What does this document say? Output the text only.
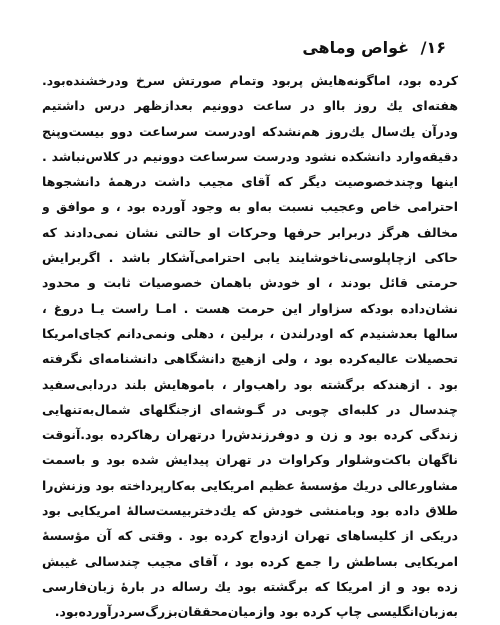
۱۶/ غواص وماهی
کرده بود، اماگونه‌هایش پربود وتمام صورتش سرخ ودرخشنده‌بود.
هفته‌ای یك روز بااو در ساعت دوونیم بعدازظهر درس داشتیم
ودرآن یك‌سال یك‌روز هم‌نشدکه اودرست سرساعت دوو بیست‌وپنج
دقیقه‌وارد دانشکده نشود ودرست سرساعت دوونیم در کلاس‌نباشد .
اینها وچندخصوصیت دیگر که آقای مجیب داشت درهمهٔ دانشجوها
احترامی خاص وعجیب نسبت به‌او به وجود آورده بود ، و موافق و
مخالف هرگز دربرابر حرفها وحرکات او حالتی نشان نمی‌دادند که
حاکی ازچاپلوسی‌ناخوشایند یابی احترامی‌آشکار باشد . اگربرایش
حرمتی قائل بودند ، او خودش باهمان خصوصیات ثابت و محدود
نشان‌داده بودکه سزاوار این حرمت هست . امـا راست یـا دروغ ،
سالها بعدشنیدم که اودرلندن ، برلین ، دهلی ونمی‌دانم کجای‌امریکا
تحصیلات عالیه‌کرده بود ، ولی ازهیچ دانشگاهی دانشنامه‌ای نگرفته
بود . ازهندکه برگشته بود راهب‌وار ، باموهایش بلند دردابی‌سفید
چندسال در کلبه‌ای چوبی در گـوشه‌ای ازجنگلهای شمال‌به‌تنهایی
زندگی کرده بود و زن و دوفرزندش‌را درتهران رهاکرده بود.آنوقت
ناگهان باکت‌وشلوار وکراوات در تهران پیدایش شده بود و باسمت
مشاورعالی دریك مؤسسهٔ عظیم امریکایی به‌کارپرداخته بود وزنش‌را
طلاق داده بود وبامنشی خودش که یك‌دختربیست‌سالهٔ امریکایی بود
دریکی از کلیساهای تهران ازدواج کرده بود . وقتی که آن مؤسسهٔ
امریکایی بساطش را جمع کرده بود ، آقای مجیب چندسالی غیبش
زده بود و از امریکا که برگشته بود یك رساله در بارهٔ زبان‌فارسی
به‌زبان‌انگلیسی چاپ کرده بود وازمیان‌محققان‌بزرگ‌سردرآورده‌بود.
